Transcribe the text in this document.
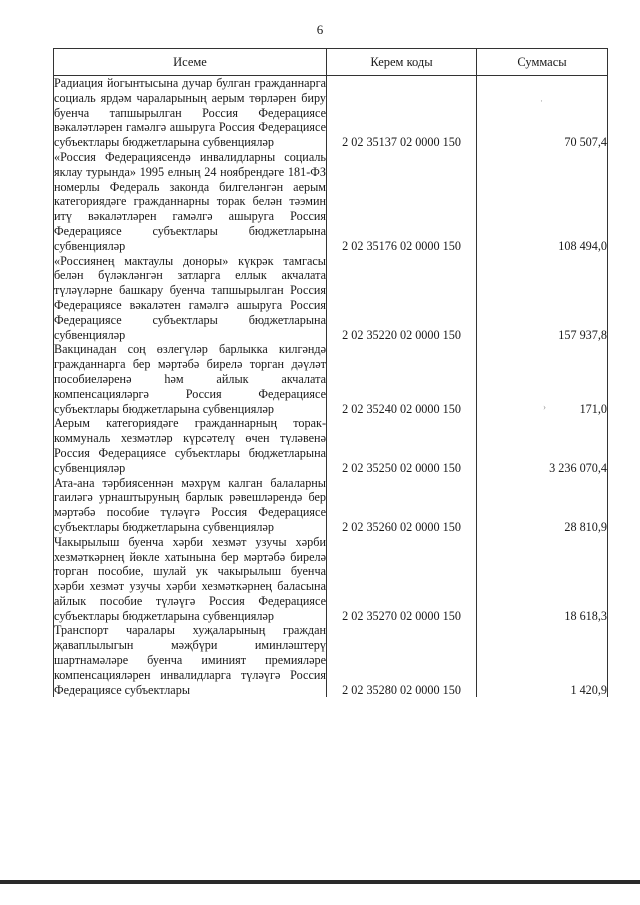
6
Исеме	Керем коды	Суммасы
Радиация йогынтысына дучар булган гражданнарга социаль ярдәм чараларының аерым төрләрен биру буенча тапшырылган Россия Федерациясе вәкаләтләрен гамәлгә ашыруга Россия Федерациясе субъектлары бюджетларына субвенцияләр	2 02 35137 02 0000 150	70 507,4
«Россия Федерациясендә инвалидларны социаль яклау турында» 1995 елның 24 ноябрендәге 181-ФЗ номерлы Федераль законда билгеләнгән аерым категориядәге гражданнарны торак белән тәэмин итү вәкаләтләрен гамәлгә ашыруга Россия Федерациясе субъектлары бюджетларына субвенцияләр	2 02 35176 02 0000 150	108 494,0
«Россиянең мактаулы доноры» күкрәк тамгасы белән бүләкләнгән затларга еллык акчалата түләүләрне башкару буенча тапшырылган Россия Федерациясе вәкаләтен гамәлгә ашыруга Россия Федерациясе субъектлары бюджетларына субвенцияләр	2 02 35220 02 0000 150	157 937,8
Вакцинадан соң өзлегүләр барлыкка килгәндә гражданнарга бер мәртәбә бирелә торган дәүләт пособиеләренә һәм айлык акчалата компенсацияләргә Россия Федерациясе субъектлары бюджетларына субвенцияләр	2 02 35240 02 0000 150	171,0
Аерым категориядәге гражданнарның торак-коммуналь хезмәтләр күрсәтелү өчен түләвенә Россия Федерациясе субъектлары бюджетларына субвенцияләр	2 02 35250 02 0000 150	3 236 070,4
Ата-ана тәрбиясеннән мәхрүм калган балаларны гаиләгә урнаштыруның барлык рәвешләрендә бер мәртәбә пособие түләүгә Россия Федерациясе субъектлары бюджетларына субвенцияләр	2 02 35260 02 0000 150	28 810,9
Чакырылыш буенча хәрби хезмәт узучы хәрби хезмәткәрнең йөкле хатынына бер мәртәбә бирелә торган пособие, шулай ук чакырылыш буенча хәрби хезмәт узучы хәрби хезмәткәрнең баласына айлык пособие түләүгә Россия Федерациясе субъектлары бюджетларына субвенцияләр	2 02 35270 02 0000 150	18 618,3
Транспорт чаралары хуҗаларының граждан җаваплылыгын мәҗбүри иминләштерү шартнамәләре буенча иминият премияләре компенсацияләрен инвалидларга түләүгә Россия Федерациясе субъектлары	2 02 35280 02 0000 150	1 420,9
·
›
